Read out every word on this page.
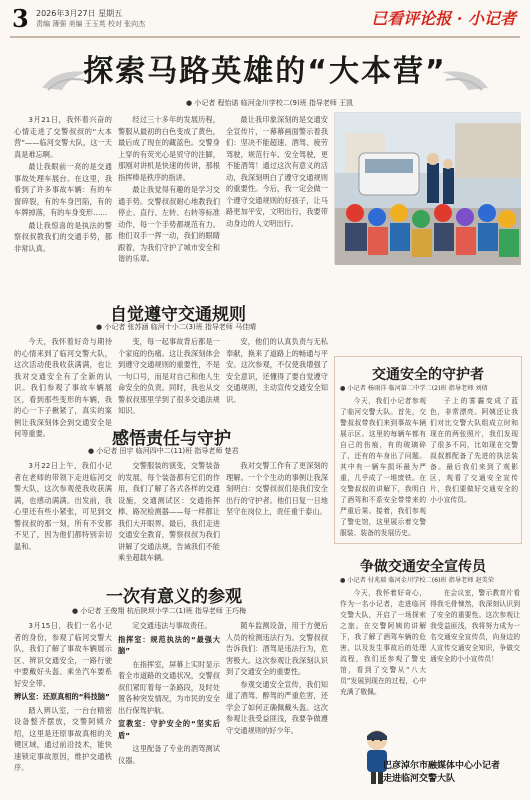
3 2026年3月27日 星期五
责编 薄强 美编 王玉英 校对 张向杰	已看评论报 · 小记者
探索马路英雄的“大本营”
● 小记者 程怡诺 临河金川学校二(9)班 指导老师 王凯

3月21日，我怀着兴奋的心情走进了交警叔叔的“大本营”——临河交警大队，这一天真是难忘啊。

最让我眼前一亮的是交通事故处理车展台。在这里，我看到了许多事故车辆：有的车窗碎裂，有的车身凹陷，有的车牌掉落，有的车身变形……

最让我惊喜的是执法的警察叔叔教我们的交通手势，都非常认真。

经过三十多年的发展历程，警服从最初的白色变成了黄色，最后成了现在的藏蓝色。交警身上穿的有荧光心是贸守的注脚，那刚对讲机是快速的传讲，那根指挥棒是秩序的指讲。

最让我觉得有趣的是学习交通手势。交警叔叔耐心地教我们停止、直行、左转、右转等标准动作，每一个手势都规范有力。他们双手一挥一动，我们的眼睛跟着，为我们守护了城市安全和谐的乐章。

最让我印象深刻的是交通安全宣传片，一幕幕画面警示着我们：坚决不能超速、酒驾、疲劳驾驶，规范行车、安全驾驶，更不能酒驾！通过这次有意义的活动，我深刻明白了遵守交通规则的重要性。今后，我一定会做一个遵守交通规则的好孩子，让马路更加平安，文明出行，我要带动身边的人文明出行。

自觉遵守交通规则
● 小记者 张苏涵 临河十小二(3)班 指导老师 马佳晴

今天，我怀着好奇与期待的心情来到了临河交警大队，这次活动使我收获满满，也让我对交通安全有了全新的认识。我们参观了事故车辆展区，看到那些变形的车辆，我的心一下子揪紧了，真实的案例让我深刻体会到交通安全是何等重要。

变，每一起事故背后都是一个家庭的伤痛。这让我深刻体会到遵守交通规则的重要性，不是一句口号，而是对自己和他人生命安全的负责。同时，我也从交警叔叔那里学到了很多交通法规知识。

安，他们的认真负责与无私奉献，换来了道路上的畅通与平安。这次参观，不仅使我增强了安全意识，还懂得了要自觉遵守交通规则，主动宣传交通安全知识。

交通安全的守护者
● 小记者 杨雨洋 临河第二中学二(2)班 指导老师 刘倩

今天，我们小记者参观了临河交警大队。首先，交警叔叔带我们来到事故车辆展示区。这里的每辆车都有自己的伤痕，有的玻璃碎了，还有的车身出了问题。其中有一辆车损坏最为严重，几乎成了一堆废铁。在交警叔叔的讲解下，我明白了酒驾和不系安全带带来的严重后果。接着，我们参观了警史馆，这里展示着交警服装、装备的发展历史。

子上的雾霾变成了蓝色，非常漂亮。阿姨还让我们对比交警大队组成立时和现在的两张照片，我们发现了很多不同，比如现在交警叔叔都配备了先进的执法装备。最后我们来到了观影区，观看了交通安全宣传片，我们要做好交通安全的小小宣传员。

感悟责任与守护
● 小记者 田宇 临河四中二(11)班 指导老师 楚君

3月22日上午，我们小记者在老师的带领下走进临河交警大队，这次参观使我收获满满，也感动满满。出发前，我心里还有些小紧张，可见到交警叔叔的那一刻，所有不安都不见了，因为他们都特别亲切温和。

交警服装的演变，交警装备的发展，每个装备都有它们的作用，我们了解了各式各样的交通设施，交通测试区：交通指挥棒、路况检测器——每一样都让我们大开眼界。最后，我们走进交通安全教育，警察叔叔为我们讲解了交通法规，告诫我们不能乘坐超载车辆。

我对交警工作有了更深刻的理解。一个个生动的事例让我深刻明白：交警叔叔们是我们安全出行的守护者。他们日复一日地坚守在岗位上，责任重于泰山。

争做交通安全宣传员
● 小记者 付兆瑞 临河金川学校二(6)班 指导老师 赵美荣

今天，我怀着好奇心，作为一名小记者，走进临河交警大队，开启了一场探索之旅。在交警阿姨的讲解下，我了解了酒驾车辆的危害，以及发生事故后的处理流程，我们还参观了警史馆，看到了交警从“八大员”发展到现在的过程，心中充满了敬佩。

在会议室，警示教育片看得我毛骨悚然，我深刻认识到了安全的重要性。这次参观让我受益匪浅，我将努力成为一名交通安全宣传员，向身边的人宣传交通安全知识，争做交通安全的小小宣传员！

一次有意义的参观
● 小记者 王俊翔 杭后陕坝小学二(1)班 指导老师 王巧梅

3月15日，我们一名小记者的身份，参观了临河交警大队，我们了解了事故车辆展示区、辨识交通安全，一路行驶中要戴好头盔、乘坐汽车要系好安全带。

辨认室：还原真相的“科技脑”

踏入辨认室，一台台精密设备整齐摆放，交警阿姨介绍，这里是还原事故真相的关键区域，通过前沿技术，能快速锁定事故原因，维护交通秩序。

定交通违法与事故责任。

指挥室：规范执法的“最强大脑”

在指挥室，屏幕上实时显示着全市道路的交通状况，交警叔叔们紧盯着每一条路段，及时处置各种突发情况，为市民的安全出行保驾护航。

宣教室：守护安全的“坚实后盾”

这里配备了专业的酒驾测试仪器。

随车监测设备，用于方便后人员的检测违法行为。交警叔叔告诉我们：酒驾是违法行为，危害极大。这次参观让我深刻认识到了交通安全的重要性。

参观交通安全宣传，我们知道了酒驾、醉驾的严重危害，还学会了如何正确佩戴头盔。这次参观让我受益匪浅，我要争做遵守交通规则的好少年。

巴彦淖尔市融媒体中心小记者
走进临河交警大队
